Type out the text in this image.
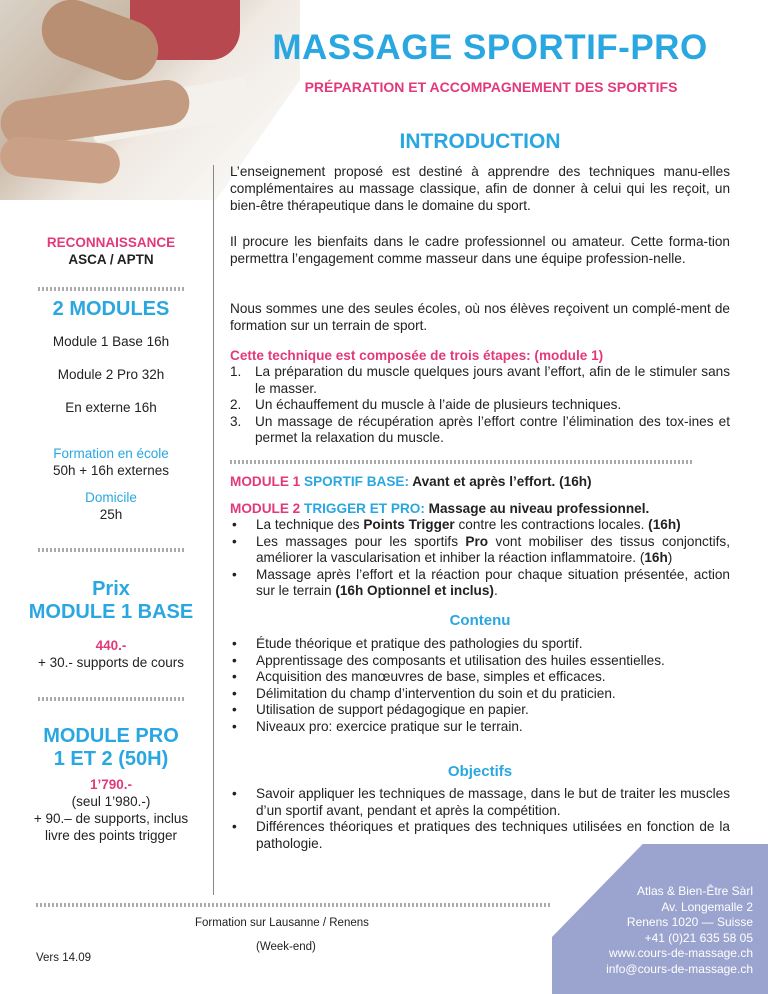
MASSAGE SPORTIF-PRO
PRÉPARATION ET ACCOMPAGNEMENT DES SPORTIFS
INTRODUCTION

L’enseignement proposé est destiné à apprendre des techniques manu-elles complémentaires au massage classique, afin de donner à celui qui les reçoit, un bien-être thérapeutique dans le domaine du sport.

Il procure les bienfaits dans le cadre professionnel ou amateur. Cette forma-tion permettra l’engagement comme masseur dans une équipe profession-nelle.

Nous sommes une des seules écoles, où nos élèves reçoivent un complé-ment de formation sur un terrain de sport.

Cette technique est composée de trois étapes: (module 1)
1. La préparation du muscle quelques jours avant l’effort, afin de le stimuler sans le masser.
2. Un échauffement du muscle à l’aide de plusieurs techniques.
3. Un massage de récupération après l’effort contre l’élimination des tox-ines et permet la relaxation du muscle.
MODULE 1 SPORTIF BASE: Avant et après l’effort. (16h)
MODULE 2 TRIGGER ET PRO: Massage au niveau professionnel.
• La technique des Points Trigger contre les contractions locales. (16h)
• Les massages pour les sportifs Pro vont mobiliser des tissus conjonctifs, améliorer la vascularisation et inhiber la réaction inflammatoire. (16h)
• Massage après l’effort et la réaction pour chaque situation présentée, action sur le terrain (16h Optionnel et inclus).
Contenu
• Étude théorique et pratique des pathologies du sportif.
• Apprentissage des composants et utilisation des huiles essentielles.
• Acquisition des manœuvres de base, simples et efficaces.
• Délimitation du champ d’intervention du soin et du praticien.
• Utilisation de support pédagogique en papier.
• Niveaux pro: exercice pratique sur le terrain.
Objectifs
• Savoir appliquer les techniques de massage, dans le but de traiter les muscles d’un sportif avant, pendant et après la compétition.
• Différences théoriques et pratiques des techniques utilisées en fonction de la pathologie.
RECONNAISSANCE
ASCA / APTN
2 MODULES
Module 1 Base 16h
Module 2 Pro 32h
En externe 16h
Formation en école
50h + 16h externes
Domicile
25h
Prix
MODULE 1 BASE
440.-
+ 30.- supports de cours
MODULE PRO
1 ET 2 (50H)
1’790.-
(seul 1’980.-)
+ 90.– de supports, inclus
livre des points trigger
Formation sur Lausanne / Renens
(Week-end)
Vers 14.09
Atlas & Bien-Être Sàrl
Av. Longemalle 2
Renens 1020 — Suisse
+41 (0)21 635 58 05
www.cours-de-massage.ch
info@cours-de-massage.ch
